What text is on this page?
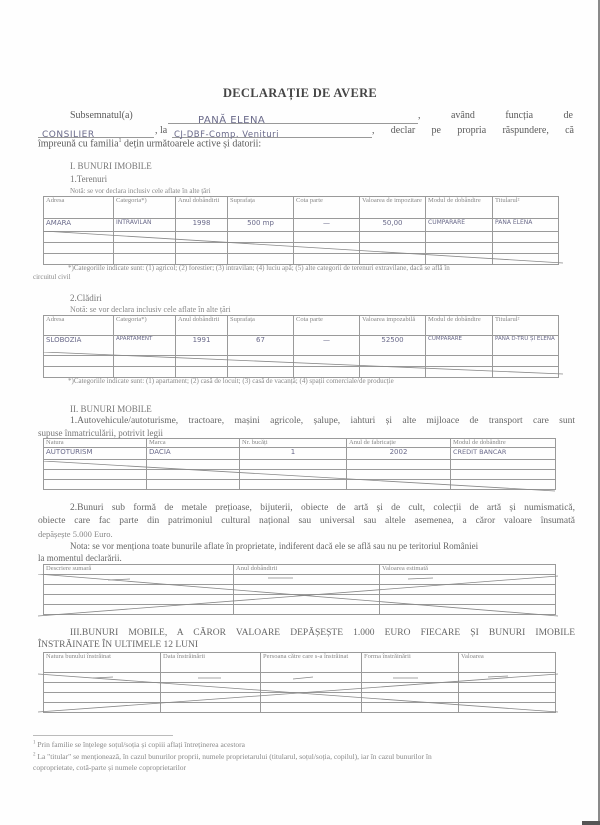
DECLARAȚIE DE AVERE
Subsemnatul(a)	PANĂ ELENA	, având funcția de
CONSILIER	, la CJ-DBF-Comp. Venituri	, declar pe propria răspundere, că
împreună cu familia$^1$ dețin următoarele active și datorii:
I. BUNURI IMOBILE
1.Terenuri
Notă: se vor declara inclusiv cele aflate în alte țări
Adresa	Categoria*)	Anul dobândirii	Suprafața	Cota parte	Valoarea de impozitare	Modul de dobândire	Titularul²
AMARA	INTRAVILAN	1998	500 mp	—	50,00	CUMPARARE	PANA ELENA

*)Categoriile indicate sunt: (1) agricol; (2) forestier; (3) intravilan; (4) luciu apă; (5) alte categorii de terenuri extravilane, dacă se află în
circuitul civil
2.Clădiri
Notă: se vor declara inclusiv cele aflate în alte țări
Adresa	Categoria*)	Anul dobândirii	Suprafața	Cota parte	Valoarea impozabilă	Modul de dobândire	Titularul²
SLOBOZIA	APARTAMENT	1991	67	—	52500	CUMPARARE	PANA D-TRU ȘI ELENA

*)Categoriile indicate sunt: (1) apartament; (2) casă de locuit; (3) casă de vacanță; (4) spații comerciale/de producție
II. BUNURI MOBILE
1.Autovehicule/autoturisme, tractoare, mașini agricole, șalupe, iahturi și alte mijloace de transport care sunt
supuse înmatriculării, potrivit legii
Natura	Marca	Nr. bucăți	Anul de fabricație	Modul de dobândire
AUTOTURISM	DACIA	1	2002	CREDIT BANCAR

2.Bunuri sub formă de metale prețioase, bijuterii, obiecte de artă și de cult, colecții de artă și numismatică,
obiecte care fac parte din patrimoniul cultural național sau universal sau altele asemenea, a căror valoare însumată
depășește 5.000 Euro.
Nota: se vor menționa toate bunurile aflate în proprietate, indiferent dacă ele se află sau nu pe teritoriul României
la momentul declarării.
Descriere sumară	Anul dobândirii	Valoarea estimată

III.BUNURI MOBILE, A CĂROR VALOARE DEPĂȘEȘTE 1.000 EURO FIECARE ȘI BUNURI IMOBILE
ÎNSTRĂINATE ÎN ULTIMELE 12 LUNI
Natura bunului înstrăinat	Data înstrăinării	Persoana către care s-a înstrăinat	Forma înstrăinării	Valoarea

$^1$ Prin familie se înțelege soțul/soția și copiii aflați întreținerea acestora
$^2$ La "titular" se menționează, în cazul bunurilor proprii, numele proprietarului (titularul, soțul/soția, copilul), iar în cazul bunurilor în
coproprietate, cotă-parte și numele coproprietarilor
